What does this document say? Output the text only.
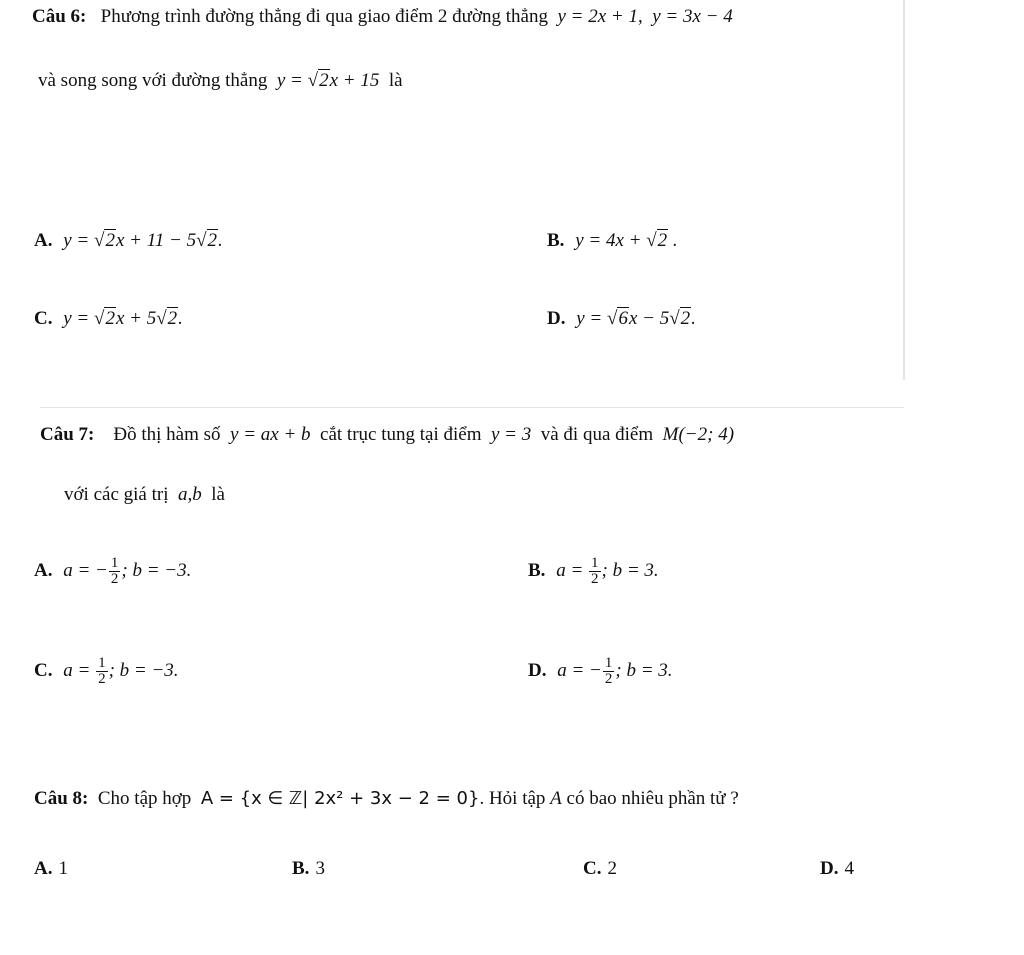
Câu 6: Phương trình đường thẳng đi qua giao điểm 2 đường thẳng y = 2x + 1, y = 3x − 4
và song song với đường thẳng y = √2x + 15 là
A. y = √2x + 11 − 5√2.	B. y = 4x + √2 .
C. y = √2x + 5√2.	D. y = √6x − 5√2.
Câu 7: Đồ thị hàm số y = ax + b cắt trục tung tại điểm y = 3 và đi qua điểm M(−2; 4)
với các giá trị a,b là
A. a = − $\frac{1}{2}$ ; b = −3.	B. $a = \frac{1}{2}$ ; b = 3.
C. $a = \frac{1}{2}$ ; b = −3.	D. a = − $\frac{1}{2}$ ; b = 3.
Câu 8: Cho tập hợp A = {x ∈ ℤ| 2x² + 3x − 2 = 0}. Hỏi tập A có bao nhiêu phần tử ?
A. 1	B. 3	C. 2	D. 4
